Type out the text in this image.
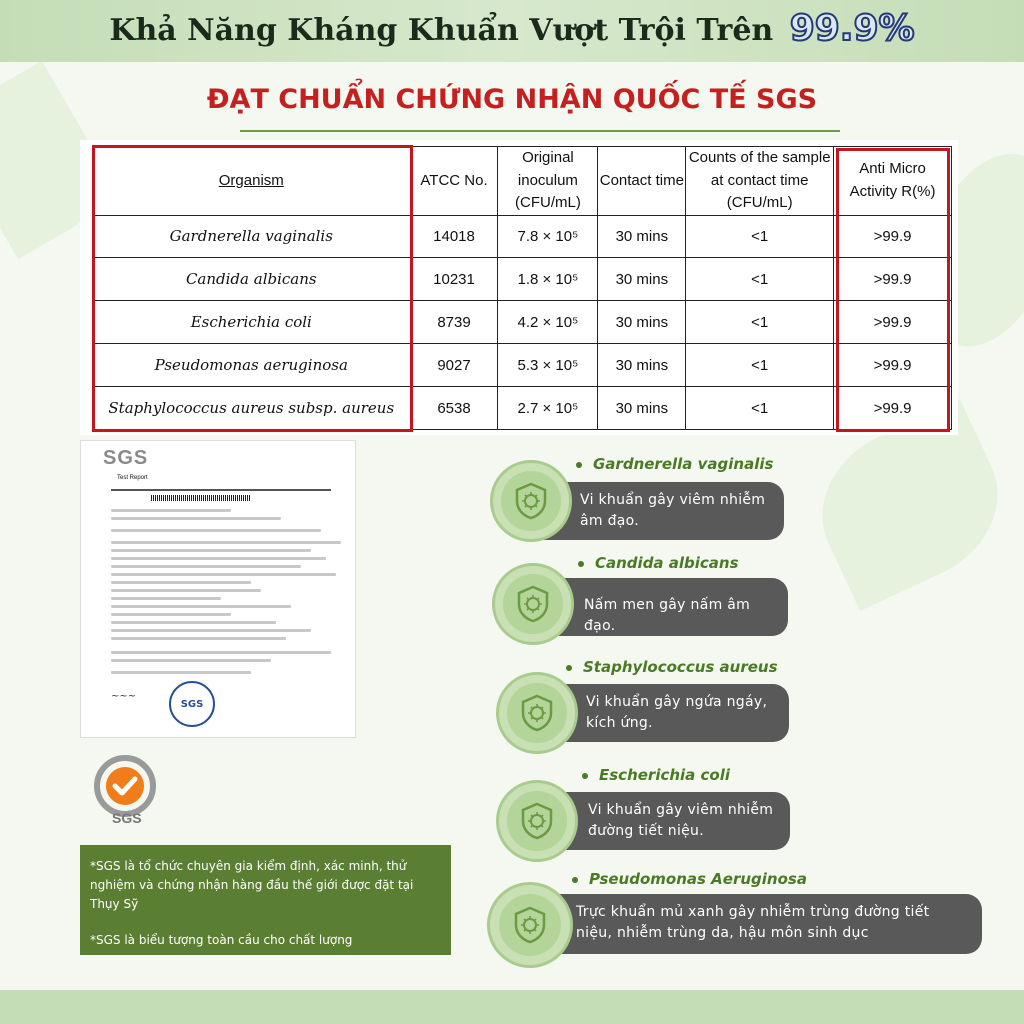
Khả Năng Kháng Khuẩn Vượt Trội Trên 99.9%
ĐẠT CHUẨN CHỨNG NHẬN QUỐC TẾ SGS
Organism	ATCC No.	Original inoculum (CFU/mL)	Contact time	Counts of the sample at contact time (CFU/mL)	Anti Micro Activity R(%)
Gardnerella vaginalis	14018	7.8 × 10⁵	30 mins	<1	>99.9
Candida albicans	10231	1.8 × 10⁵	30 mins	<1	>99.9
Escherichia coli	8739	4.2 × 10⁵	30 mins	<1	>99.9
Pseudomonas aeruginosa	9027	5.3 × 10⁵	30 mins	<1	>99.9
Staphylococcus aureus subsp. aureus	6538	2.7 × 10⁵	30 mins	<1	>99.9
SGS

Test Report
~~~
SGS
SGS

*SGS là tổ chức chuyên gia kiểm định, xác minh, thử nghiệm và chứng nhận hàng đầu thế giới được đặt tại Thụy Sỹ

*SGS là biểu tượng toàn cầu cho chất lượng

Gardnerella vaginalis
Vi khuẩn gây viêm nhiễm âm đạo.
Candida albicans
Nấm men gây nấm âm đạo.
Staphylococcus aureus
Vi khuẩn gây ngứa ngáy, kích ứng.
Escherichia coli
Vi khuẩn gây viêm nhiễm đường tiết niệu.
Pseudomonas Aeruginosa
Trực khuẩn mủ xanh gây nhiễm trùng đường tiết niệu, nhiễm trùng da, hậu môn sinh dục
